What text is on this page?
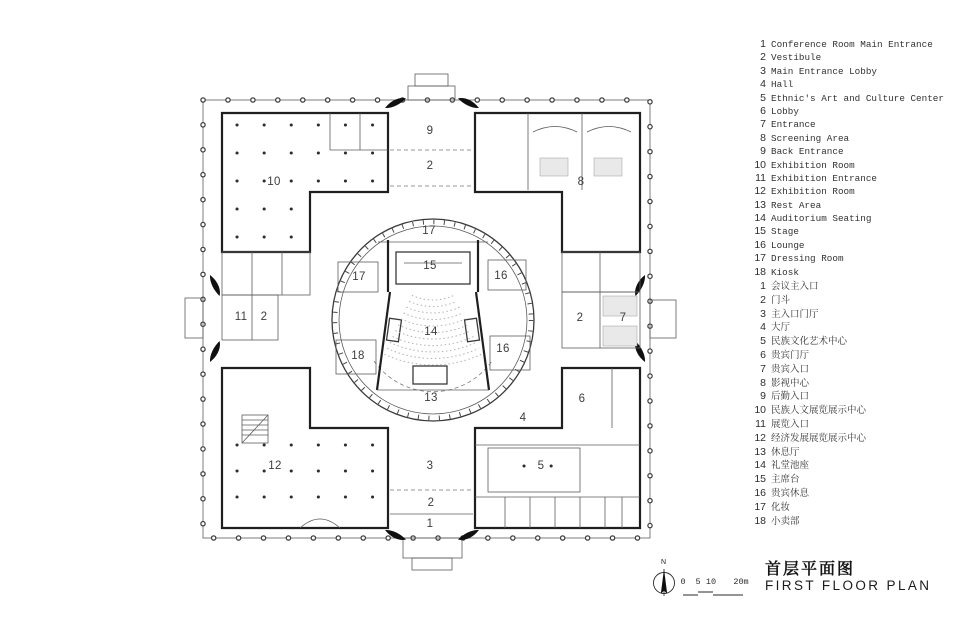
9
2
10	8
17
15
17	16
11 2	2	7
14
16
18
13	6
4
12	3	5
2
1
1 Conference Room Main Entrance
2 Vestibule
3 Main Entrance Lobby
4 Hall
5 Ethnic's Art and Culture Center
6 Lobby
7 Entrance
8 Screening Area
9 Back Entrance
10 Exhibition Room
11 Exhibition Entrance
12 Exhibition Room
13 Rest Area
14 Auditorium Seating
15 Stage
16 Lounge
17 Dressing Room
18 Kiosk
1 会议主入口
2 门斗
3 主入口门厅
4 大厅
5 民族文化艺术中心
6 贵宾门厅
7 贵宾入口
8 影视中心
9 后勤入口
10 民族人文展览展示中心
11 展览入口
12 经济发展展览展示中心
13 休息厅
14 礼堂池座
15 主席台
16 贵宾休息
17 化妆
18 小卖部
N
0 5 10 20m
首层平面图
FIRST FLOOR PLAN
